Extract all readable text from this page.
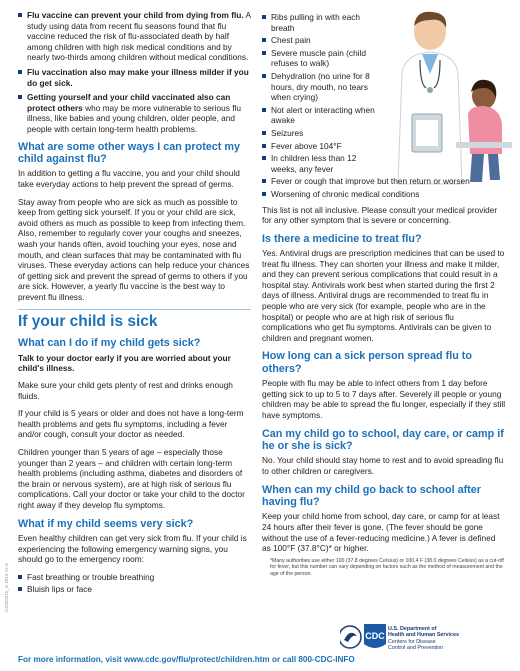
Flu vaccine can prevent your child from dying from flu. A study using data from recent flu seasons found that flu vaccine reduced the risk of flu-associated death by half among children with high risk medical conditions and by nearly two-thirds among children without medical conditions.
Flu vaccination also may make your illness milder if you do get sick.
Getting yourself and your child vaccinated also can protect others who may be more vulnerable to serious flu illness, like babies and young children, older people, and people with certain long-term health problems.
What are some other ways I can protect my child against flu?

In addition to getting a flu vaccine, you and your child should take everyday actions to help prevent the spread of germs.

Stay away from people who are sick as much as possible to keep from getting sick yourself. If you or your child are sick, avoid others as much as possible to keep from infecting them. Also, remember to regularly cover your coughs and sneezes, wash your hands often, avoid touching your eyes, nose and mouth, and clean surfaces that may be contaminated with flu viruses. These everyday actions can help reduce your chances of getting sick and prevent the spread of germs to others if you are sick. However, a yearly flu vaccine is the best way to prevent flu illness.

If your child is sick
What can I do if my child gets sick?

Talk to your doctor early if you are worried about your child's illness.

Make sure your child gets plenty of rest and drinks enough fluids.

If your child is 5 years or older and does not have a long-term health problems and gets flu symptoms, including a fever and/or cough, consult your doctor as needed.

Children younger than 5 years of age – especially those younger than 2 years – and children with certain long-term health problems (including asthma, diabetes and disorders of the brain or nervous system), are at high risk of serious flu complications. Call your doctor or take your child to the doctor right away if they develop flu symptoms.

What if my child seems very sick?

Even healthy children can get very sick from flu. If your child is experiencing the following emergency warning signs, you should go to the emergency room:

Fast breathing or trouble breathing
Bluish lips or face
Ribs pulling in with each breath
Chest pain
Severe muscle pain (child refuses to walk)
Dehydration (no urine for 8 hours, dry mouth, no tears when crying)
Not alert or interacting when awake
Seizures
Fever above 104°F
In children less than 12 weeks, any fever
Fever or cough that improve but then return or worsen
Worsening of chronic medical conditions

This list is not all inclusive. Please consult your medical provider for any other symptom that is severe or concerning.

Is there a medicine to treat flu?

Yes. Antiviral drugs are prescription medicines that can be used to treat flu illness. They can shorten your illness and make it milder, and they can prevent serious complications that could result in a hospital stay. Antivirals work best when started during the first 2 days of illness. Antiviral drugs are recommended to treat flu in people who are very sick (for example, people who are in the hospital) or people who are at high risk of serious flu complications who get flu symptoms. Antivirals can be given to children and pregnant women.

How long can a sick person spread flu to others?

People with flu may be able to infect others from 1 day before getting sick to up to 5 to 7 days after. Severely ill people or young children may be able to spread the flu longer, especially if they still have symptoms.

Can my child go to school, day care, or camp if he or she is sick?

No. Your child should stay home to rest and to avoid spreading flu to other children or caregivers.

When can my child go back to school after having flu?

Keep your child home from school, day care, or camp for at least 24 hours after their fever is gone. (The fever should be gone without the use of a fever-reducing medicine.) A fever is defined as 100°F (37.8°C)* or higher.

*Many authorities use either 100 (37.8 degrees Celsius) or 100.4 F (38.0 degrees Celsius) as a cut-off for fever, but this number can vary depending on factors such as the method of measurement and the age of the person.

CDC
U.S. Department of
Health and Human Services
Centers for Disease
Control and Prevention
CS303315_G 2019-11-8
For more information, visit www.cdc.gov/flu/protect/children.htm or call 800-CDC-INFO
